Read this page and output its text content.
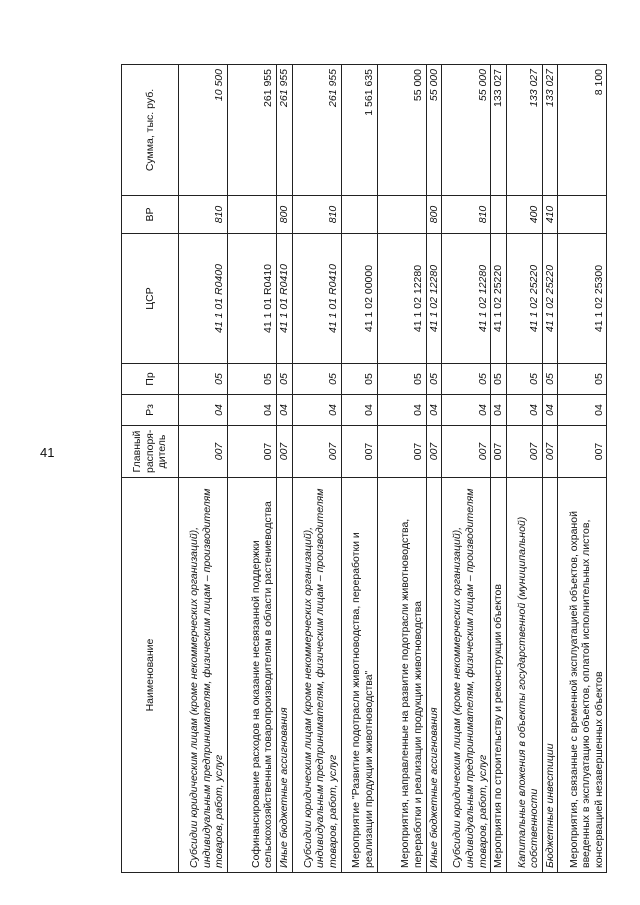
41
Наименование	Главный распоря-дитель	Рз	Пр	ЦСР	ВР	Сумма, тыс. руб.
Субсидии юридическим лицам (кроме некоммерческих организаций), индивидуальным предпринимателям, физическим лицам – производителям товаров, работ, услуг	007	04	05	41 1 01 R0400	810	10 500
Софинансирование расходов на оказание несвязанной поддержки сельскохозяйственным товаропроизводителям в области растениеводства	007	04	05	41 1 01 R0410		261 955
Иные бюджетные ассигнования	007	04	05	41 1 01 R0410	800	261 955
Субсидии юридическим лицам (кроме некоммерческих организаций), индивидуальным предпринимателям, физическим лицам – производителям товаров, работ, услуг	007	04	05	41 1 01 R0410	810	261 955
Мероприятие "Развитие подотрасли животноводства, переработки и реализации продукции животноводства"	007	04	05	41 1 02 00000		1 561 635
Мероприятия, направленные на развитие подотрасли животноводства, переработки и реализации продукции животноводства	007	04	05	41 1 02 12280		55 000
Иные бюджетные ассигнования	007	04	05	41 1 02 12280	800	55 000
Субсидии юридическим лицам (кроме некоммерческих организаций), индивидуальным предпринимателям, физическим лицам – производителям товаров, работ, услуг	007	04	05	41 1 02 12280	810	55 000
Мероприятия по строительству и реконструкции объектов	007	04	05	41 1 02 25220		133 027
Капитальные вложения в объекты государственной (муниципальной) собственности	007	04	05	41 1 02 25220	400	133 027
Бюджетные инвестиции	007	04	05	41 1 02 25220	410	133 027
Мероприятия, связанные с временной эксплуатацией объектов, охраной введенных в эксплуатацию объектов, оплатой исполнительных листов, консервацией незавершенных объектов	007	04	05	41 1 02 25300		8 100
